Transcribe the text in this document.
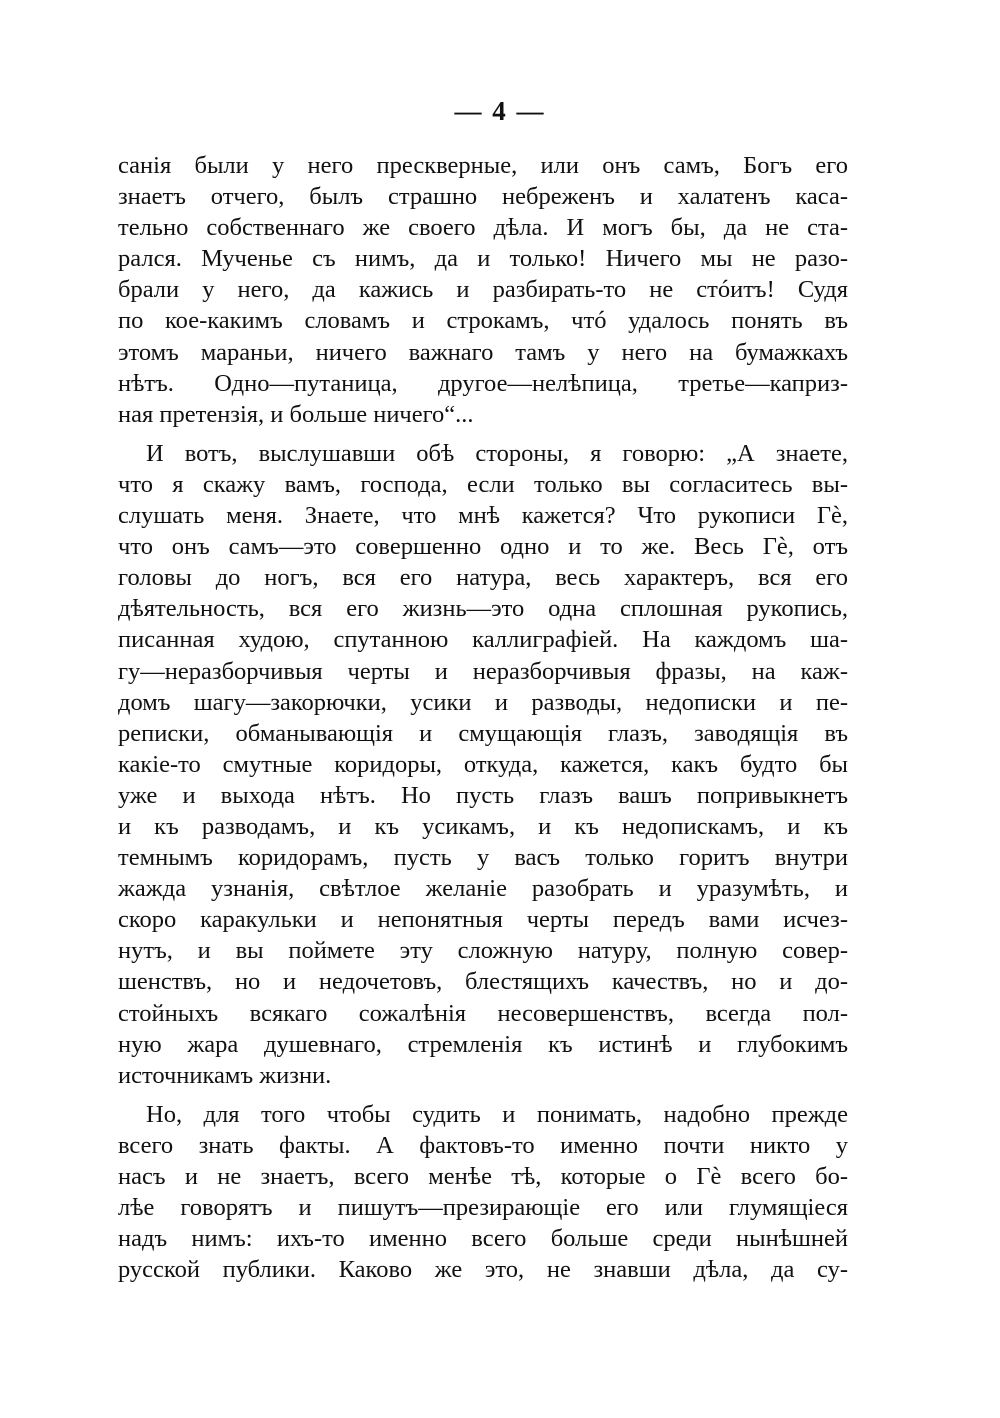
— 4 —
санія были у него прескверные, или онъ самъ, Богъ его
знаетъ отчего, былъ страшно небреженъ и халатенъ каса-
тельно собственнаго же своего дѣла. И могъ бы, да не ста-
рался. Мученье съ нимъ, да и только! Ничего мы не разо-
брали у него, да кажись и разбирать-то не стóитъ! Судя
по кое-какимъ словамъ и строкамъ, чтó удалось понять въ
этомъ мараньи, ничего важнаго тамъ у него на бумажкахъ
нѣтъ. Одно—путаница, другое—нелѣпица, третье—каприз-
ная претензія, и больше ничего“...
И вотъ, выслушавши обѣ стороны, я говорю: „А знаете,
что я скажу вамъ, господа, если только вы согласитесь вы-
слушать меня. Знаете, что мнѣ кажется? Что рукописи Гè,
что онъ самъ—это совершенно одно и то же. Весь Гè, отъ
головы до ногъ, вся его натура, весь характеръ, вся его
дѣятельность, вся его жизнь—это одна сплошная рукопись,
писанная худою, спутанною каллиграфіей. На каждомъ ша-
гу—неразборчивыя черты и неразборчивыя фразы, на каж-
домъ шагу—закорючки, усики и разводы, недописки и пе-
реписки, обманывающія и смущающія глазъ, заводящія въ
какіе-то смутные коридоры, откуда, кажется, какъ будто бы
уже и выхода нѣтъ. Но пусть глазъ вашъ попривыкнетъ
и къ разводамъ, и къ усикамъ, и къ недопискамъ, и къ
темнымъ коридорамъ, пусть у васъ только горитъ внутри
жажда узнанія, свѣтлое желаніе разобрать и уразумѣть, и
скоро каракульки и непонятныя черты передъ вами исчез-
нутъ, и вы поймете эту сложную натуру, полную совер-
шенствъ, но и недочетовъ, блестящихъ качествъ, но и до-
стойныхъ всякаго сожалѣнія несовершенствъ, всегда пол-
ную жара душевнаго, стремленія къ истинѣ и глубокимъ
источникамъ жизни.
Но, для того чтобы судить и понимать, надобно прежде
всего знать факты. А фактовъ-то именно почти никто у
насъ и не знаетъ, всего менѣе тѣ, которые о Гè всего бо-
лѣе говорятъ и пишутъ—презирающіе его или глумящіеся
надъ нимъ: ихъ-то именно всего больше среди нынѣшней
русской публики. Каково же это, не знавши дѣла, да су-
